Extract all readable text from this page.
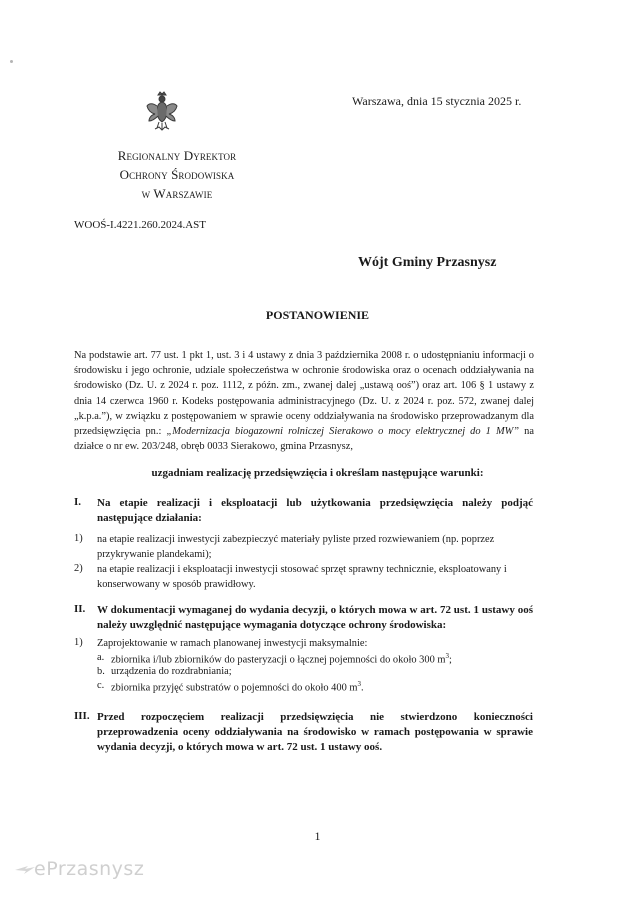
Warszawa, dnia 15 stycznia 2025 r.
Regionalny Dyrektor
Ochrony Środowiska
w Warszawie
WOOŚ-I.4221.260.2024.AST
Wójt Gminy Przasnysz
POSTANOWIENIE
Na podstawie art. 77 ust. 1 pkt 1, ust. 3 i 4 ustawy z dnia 3 października 2008 r. o udostępnianiu informacji o środowisku i jego ochronie, udziale społeczeństwa w ochronie środowiska oraz o ocenach oddziaływania na środowisko (Dz. U. z 2024 r. poz. 1112, z późn. zm., zwanej dalej „ustawą ooś”) oraz art. 106 § 1 ustawy z dnia 14 czerwca 1960 r. Kodeks postępowania administracyjnego (Dz. U. z 2024 r. poz. 572, zwanej dalej „k.p.a.”), w związku z postępowaniem w sprawie oceny oddziaływania na środowisko przeprowadzanym dla przedsięwzięcia pn.: „Modernizacja biogazowni rolniczej Sierakowo o mocy elektrycznej do 1 MW” na działce o nr ew. 203/248, obręb 0033 Sierakowo, gmina Przasnysz,
uzgadniam realizację przedsięwzięcia i określam następujące warunki:
I. Na etapie realizacji i eksploatacji lub użytkowania przedsięwzięcia należy podjąć następujące działania:
1) na etapie realizacji inwestycji zabezpieczyć materiały pyliste przed rozwiewaniem (np. poprzez przykrywanie plandekami);
2) na etapie realizacji i eksploatacji inwestycji stosować sprzęt sprawny technicznie, eksploatowany i konserwowany w sposób prawidłowy.
II. W dokumentacji wymaganej do wydania decyzji, o których mowa w art. 72 ust. 1 ustawy ooś należy uwzględnić następujące wymagania dotyczące ochrony środowiska:
1) Zaprojektowanie w ramach planowanej inwestycji maksymalnie:
a. zbiornika i/lub zbiorników do pasteryzacji o łącznej pojemności do około 300 $m^3$;
b. urządzenia do rozdrabniania;
c. zbiornika przyjęć substratów o pojemności do około 400 $m^3$.
III. Przed rozpoczęciem realizacji przedsięwzięcia nie stwierdzono konieczności przeprowadzenia oceny oddziaływania na środowisko w ramach postępowania w sprawie wydania decyzji, o których mowa w art. 72 ust. 1 ustawy ooś.
1
ePrzasnysz
